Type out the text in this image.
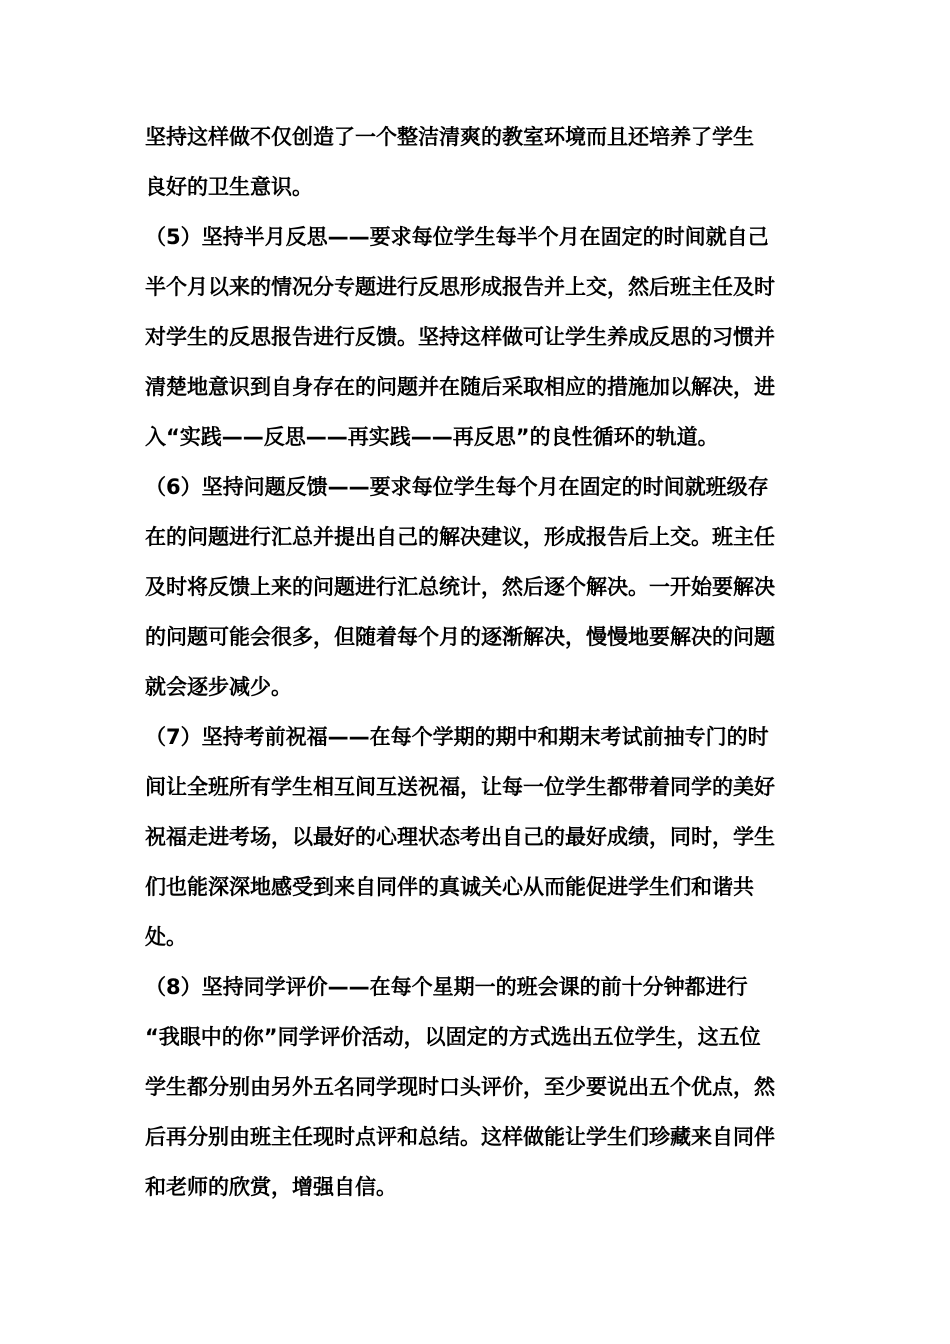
坚持这样做不仅创造了一个整洁清爽的教室环境而且还培养了学生
良好的卫生意识。
（5）坚持半月反思——要求每位学生每半个月在固定的时间就自己
半个月以来的情况分专题进行反思形成报告并上交，然后班主任及时
对学生的反思报告进行反馈。坚持这样做可让学生养成反思的习惯并
清楚地意识到自身存在的问题并在随后采取相应的措施加以解决，进
入“实践——反思——再实践——再反思”的良性循环的轨道。
（6）坚持问题反馈——要求每位学生每个月在固定的时间就班级存
在的问题进行汇总并提出自己的解决建议，形成报告后上交。班主任
及时将反馈上来的问题进行汇总统计，然后逐个解决。一开始要解决
的问题可能会很多，但随着每个月的逐渐解决，慢慢地要解决的问题
就会逐步减少。
（7）坚持考前祝福——在每个学期的期中和期末考试前抽专门的时
间让全班所有学生相互间互送祝福，让每一位学生都带着同学的美好
祝福走进考场，以最好的心理状态考出自己的最好成绩，同时，学生
们也能深深地感受到来自同伴的真诚关心从而能促进学生们和谐共
处。
（8）坚持同学评价——在每个星期一的班会课的前十分钟都进行
“我眼中的你”同学评价活动，以固定的方式选出五位学生，这五位
学生都分别由另外五名同学现时口头评价，至少要说出五个优点，然
后再分别由班主任现时点评和总结。这样做能让学生们珍藏来自同伴
和老师的欣赏，增强自信。
